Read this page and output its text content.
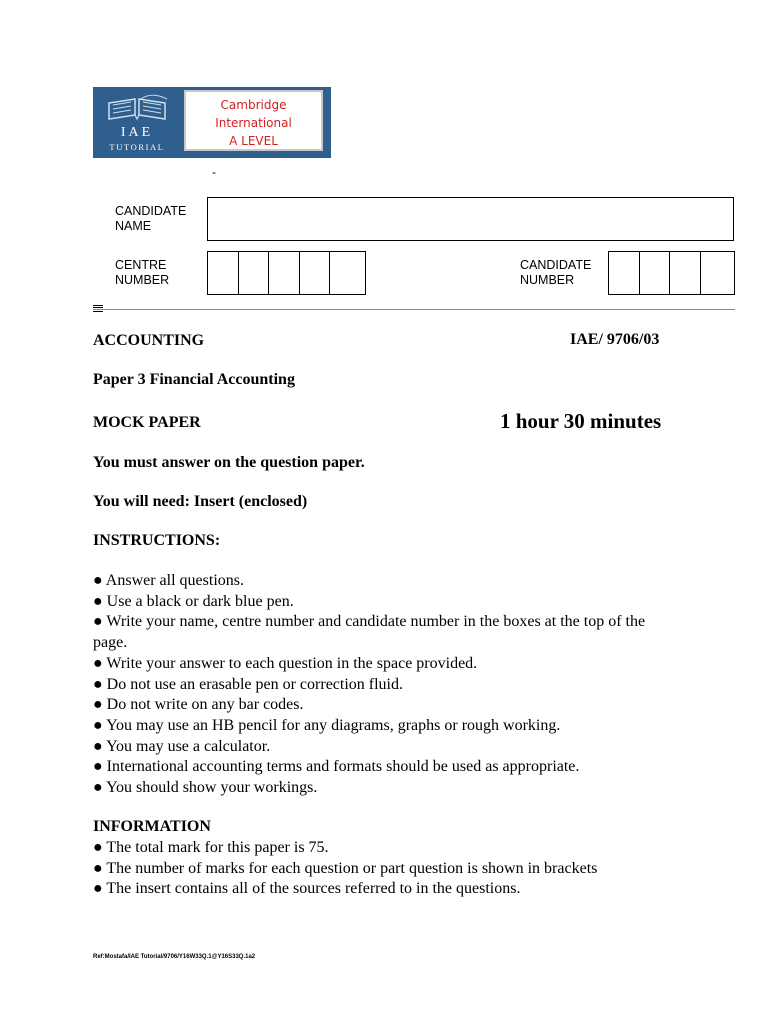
IAE
TUTORIAL
Cambridge
International
A LEVEL
-
CANDIDATE
NAME
CENTRE
NUMBER
CANDIDATE
NUMBER
ACCOUNTING	IAE/ 9706/03
Paper 3 Financial Accounting
MOCK PAPER	1 hour 30 minutes
You must answer on the question paper.
You will need: Insert (enclosed)
INSTRUCTIONS:
● Answer all questions.
● Use a black or dark blue pen.
● Write your name, centre number and candidate number in the boxes at the top of the page.
● Write your answer to each question in the space provided.
● Do not use an erasable pen or correction fluid.
● Do not write on any bar codes.
● You may use an HB pencil for any diagrams, graphs or rough working.
● You may use a calculator.
● International accounting terms and formats should be used as appropriate.
● You should show your workings.
INFORMATION
● The total mark for this paper is 75.
● The number of marks for each question or part question is shown in brackets
● The insert contains all of the sources referred to in the questions.
Ref:Mostafa/IAE Tutorial/9706/Y16W33Q.1@Y16S33Q.1a2
